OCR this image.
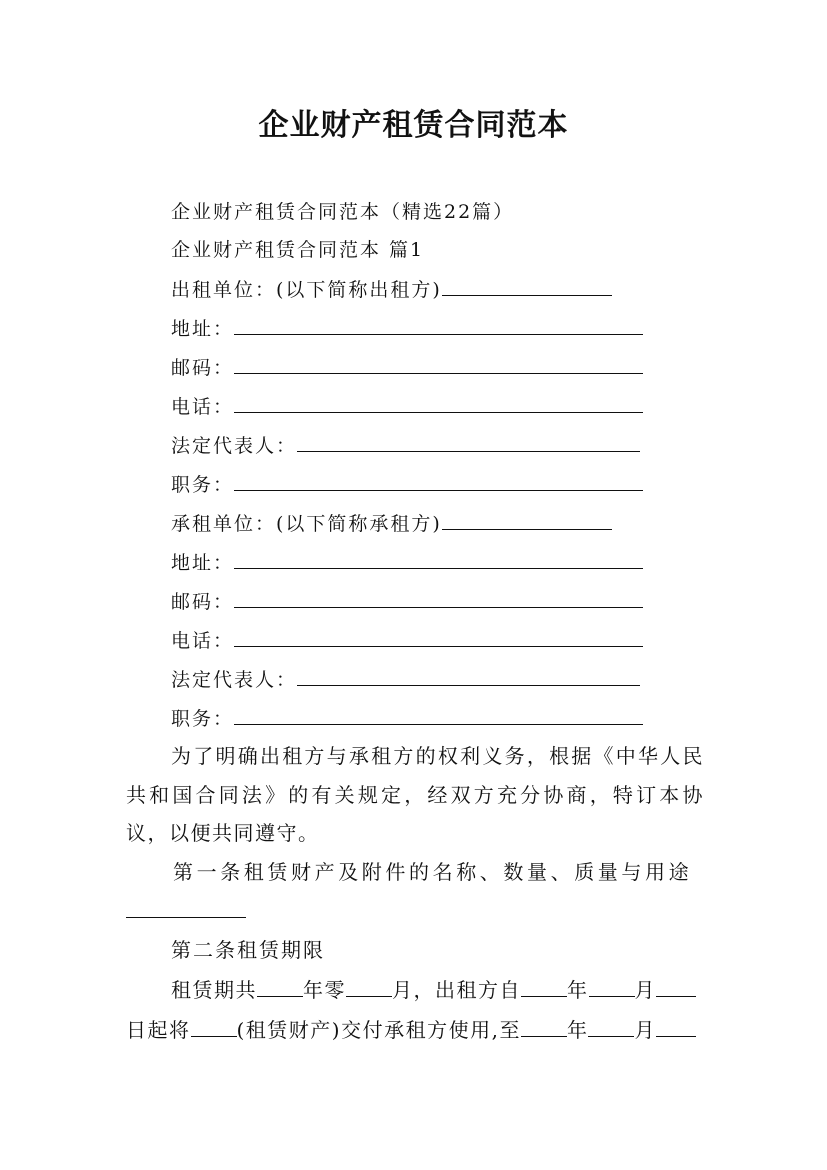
企业财产租赁合同范本
企业财产租赁合同范本（精选22篇）
企业财产租赁合同范本 篇1
出租单位：(以下简称出租方)
地址：
邮码：
电话：
法定代表人：
职务：
承租单位：(以下简称承租方)
地址：
邮码：
电话：
法定代表人：
职务：
为了明确出租方与承租方的权利义务，根据《中华人民共和国合同法》的有关规定，经双方充分协商，特订本协议，以便共同遵守。
第一条租赁财产及附件的名称、数量、质量与用途
第二条租赁期限
租赁期共 年零 月，出租方自 年 月
日起将 (租赁财产)交付承租方使用,至 年 月
